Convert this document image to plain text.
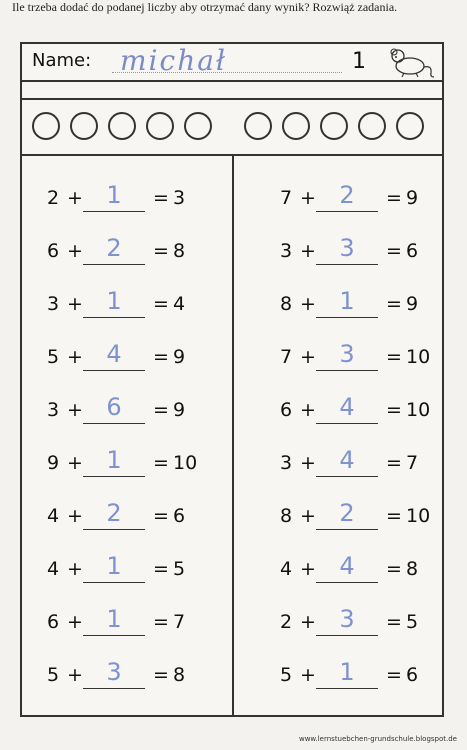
Ile trzeba dodać do podanej liczby aby otrzymać dany wynik? Rozwiąż zadania.
Name: michał	1
2 + 1	= 3
6 + 2	= 8
3 + 1	= 4
5 + 4	= 9
3 + 6	= 9
9 + 1	= 10
4 + 2	= 6
4 + 1	= 5
6 + 1	= 7
5 + 3	= 8
7 + 2	= 9
3 + 3	= 6
8 + 1	= 9
7 + 3	= 10
6 + 4	= 10
3 + 4	= 7
8 + 2	= 10
4 + 4	= 8
2 + 3	= 5
5 + 1	= 6
www.lernstuebchen-grundschule.blogspot.de
